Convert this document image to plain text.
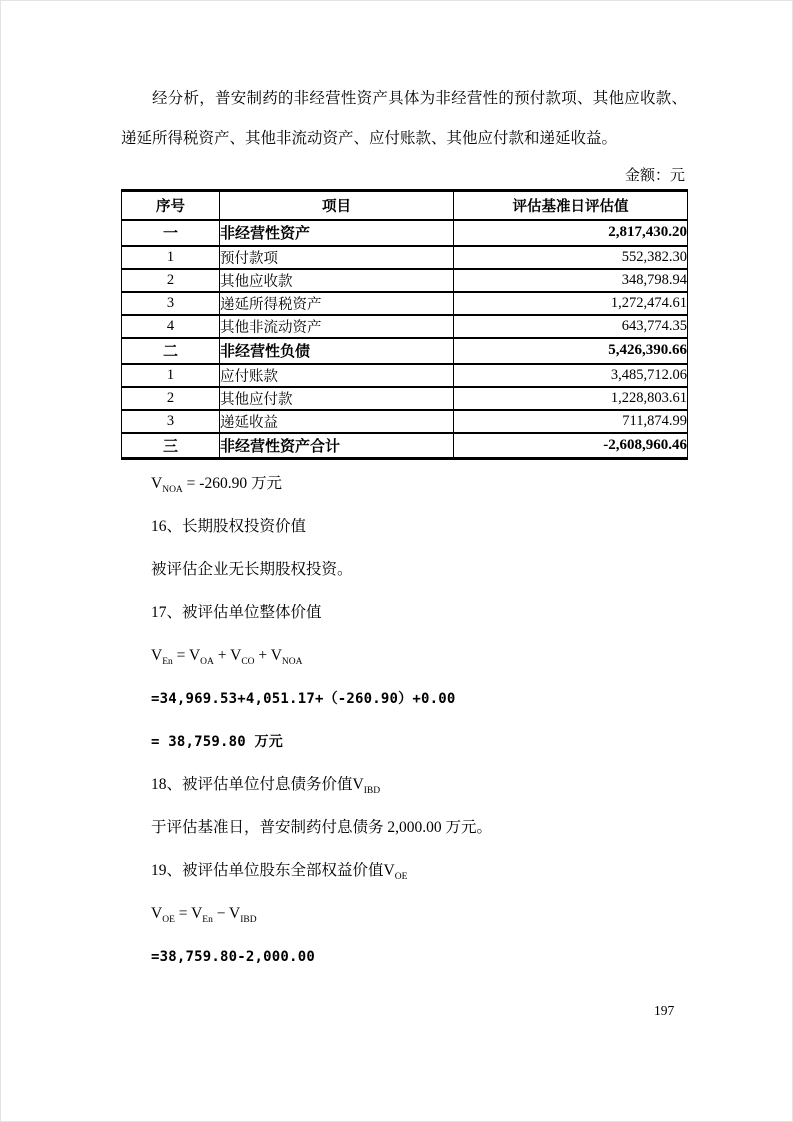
经分析，普安制药的非经营性资产具体为非经营性的预付款项、其他应收款、递延所得税资产、其他非流动资产、应付账款、其他应付款和递延收益。

金额：元
序号	项目	评估基准日评估值
一	非经营性资产	2,817,430.20
1	预付款项	552,382.30
2	其他应收款	348,798.94
3	递延所得税资产	1,272,474.61
4	其他非流动资产	643,774.35
二	非经营性负债	5,426,390.66
1	应付账款	3,485,712.06
2	其他应付款	1,228,803.61
3	递延收益	711,874.99
三	非经营性资产合计	-2,608,960.46

$V_{NOA} = -260.90$ 万元

16、长期股权投资价值

被评估企业无长期股权投资。

17、被评估单位整体价值

$V_{En} = V_{OA} + V_{CO} + V_{NOA}$

=34,969.53+4,051.17+（-260.90）+0.00

= 38,759.80 万元

18、被评估单位付息债务价值$V_{IBD}$

于评估基准日，普安制药付息债务 2,000.00 万元。

19、被评估单位股东全部权益价值$V_{OE}$

$V_{OE} = V_{En} - V_{IBD}$

=38,759.80-2,000.00

197
